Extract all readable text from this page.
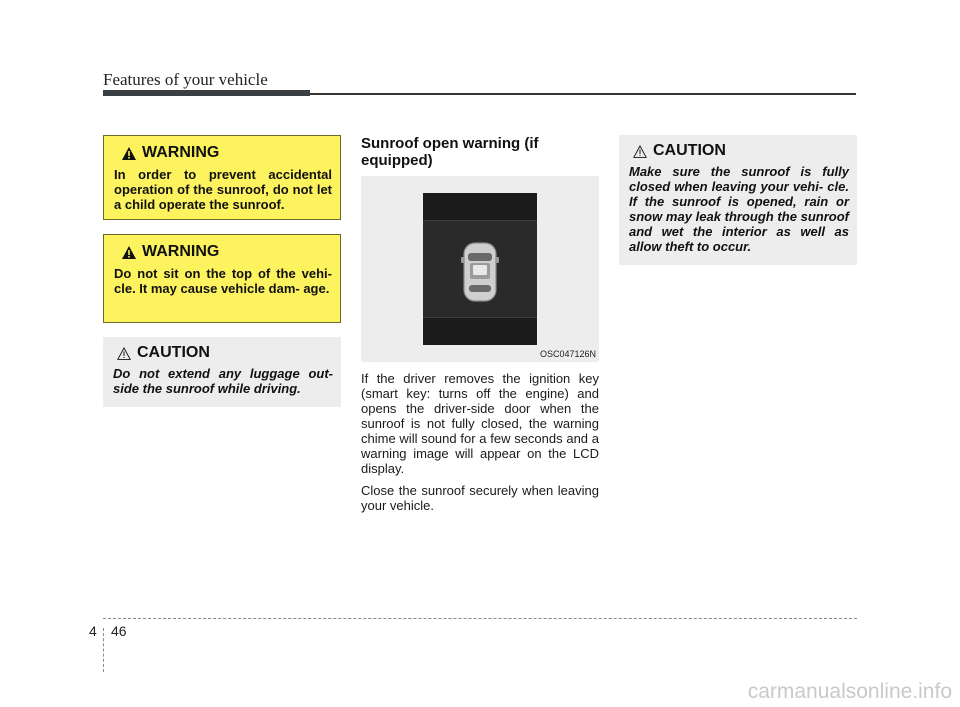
Features of your vehicle
WARNING
In order to prevent accidental operation of the sunroof, do not let a child operate the sunroof.
WARNING
Do not sit on the top of the vehi- cle. It may cause vehicle dam- age.
CAUTION
Do not extend any luggage out- side the sunroof while driving.
Sunroof open warning (if equipped)
OSC047126N
If the driver removes the ignition key (smart key: turns off the engine) and opens the driver-side door when the sunroof is not fully closed, the warning chime will sound for a few seconds and a warning image will appear on the LCD display.
Close the sunroof securely when leaving your vehicle.
CAUTION
Make sure the sunroof is fully closed when leaving your vehi- cle. If the sunroof is opened, rain or snow may leak through the sunroof and wet the interior as well as allow theft to occur.
4 46
carmanualsonline.info
